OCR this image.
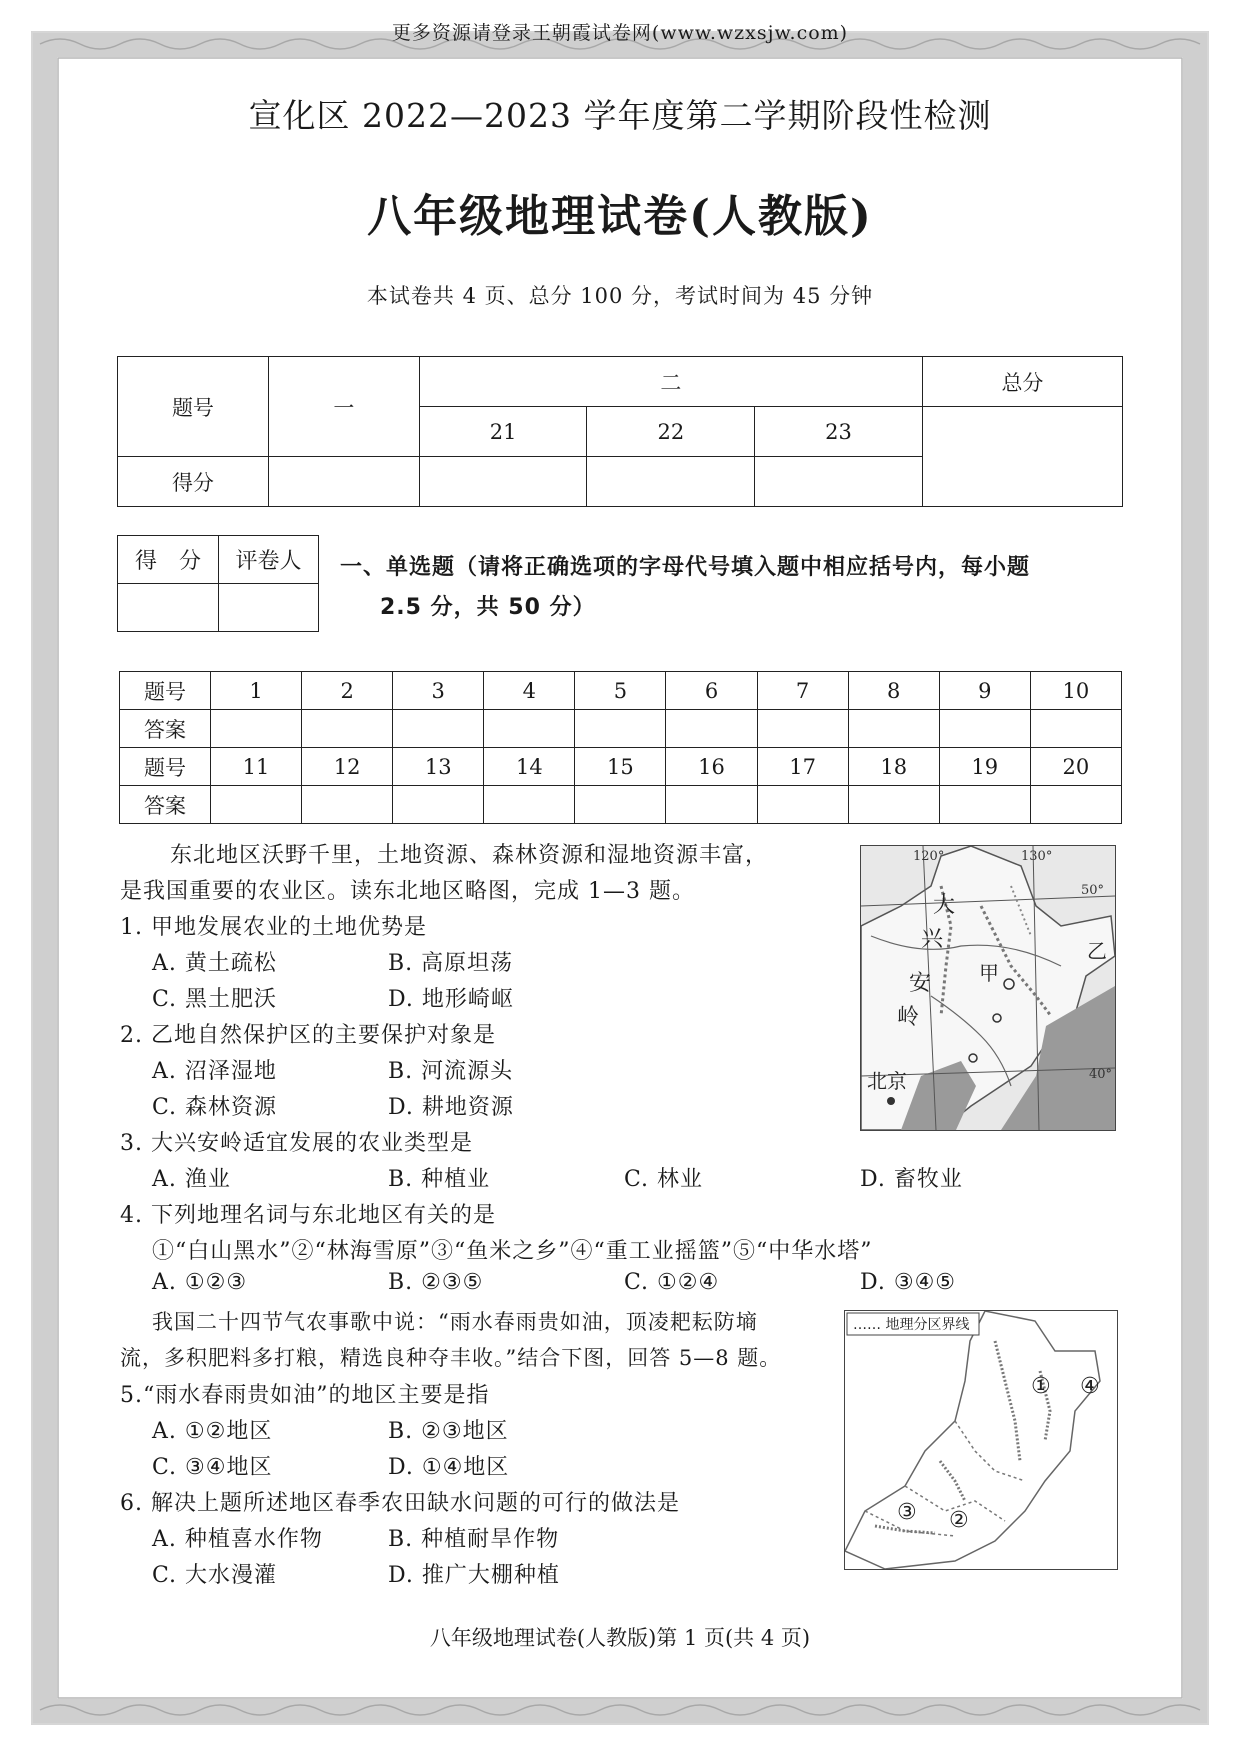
更多资源请登录王朝霞试卷网(www.wzxsjw.com)
宣化区 2022—2023 学年度第二学期阶段性检测
八年级地理试卷(人教版)
本试卷共 4 页、总分 100 分，考试时间为 45 分钟
题号	一	二			总分
		21	22	23	
得分					
得　分	评卷人
	一、单选题（请将正确选项的字母代号填入题中相应括号内，每小题
2.5 分，共 50 分）
题号	1	2	3	4	5	6	7	8	9	10
答案										
题号	11	12	13	14	15	16	17	18	19	20
答案										
东北地区沃野千里，土地资源、森林资源和湿地资源丰富，
是我国重要的农业区。读东北地区略图，完成 1—3 题。
1. 甲地发展农业的土地优势是
A. 黄土疏松	B. 高原坦荡
C. 黑土肥沃	D. 地形崎岖
2. 乙地自然保护区的主要保护对象是
A. 沼泽湿地	B. 河流源头
C. 森林资源	D. 耕地资源
3. 大兴安岭适宜发展的农业类型是
A. 渔业	B. 种植业	C. 林业	D. 畜牧业
4. 下列地理名词与东北地区有关的是
①“白山黑水”②“林海雪原”③“鱼米之乡”④“重工业摇篮”⑤“中华水塔”
A. ①②③	B. ②③⑤	C. ①②④	D. ③④⑤
我国二十四节气农事歌中说：“雨水春雨贵如油，顶凌耙耘防墒
流，多积肥料多打粮，精选良种夺丰收。”结合下图，回答 5—8 题。
5.“雨水春雨贵如油”的地区主要是指
A. ①②地区	B. ②③地区
C. ③④地区	D. ①④地区
6. 解决上题所述地区春季农田缺水问题的可行的做法是
A. 种植喜水作物	B. 种植耐旱作物
C. 大水漫灌	D. 推广大棚种植
120°	130°
50°
40°
大
兴
安
岭
甲
乙
北京
…… 地理分区界线
① ④
③ ②
八年级地理试卷(人教版)第 1 页(共 4 页)
